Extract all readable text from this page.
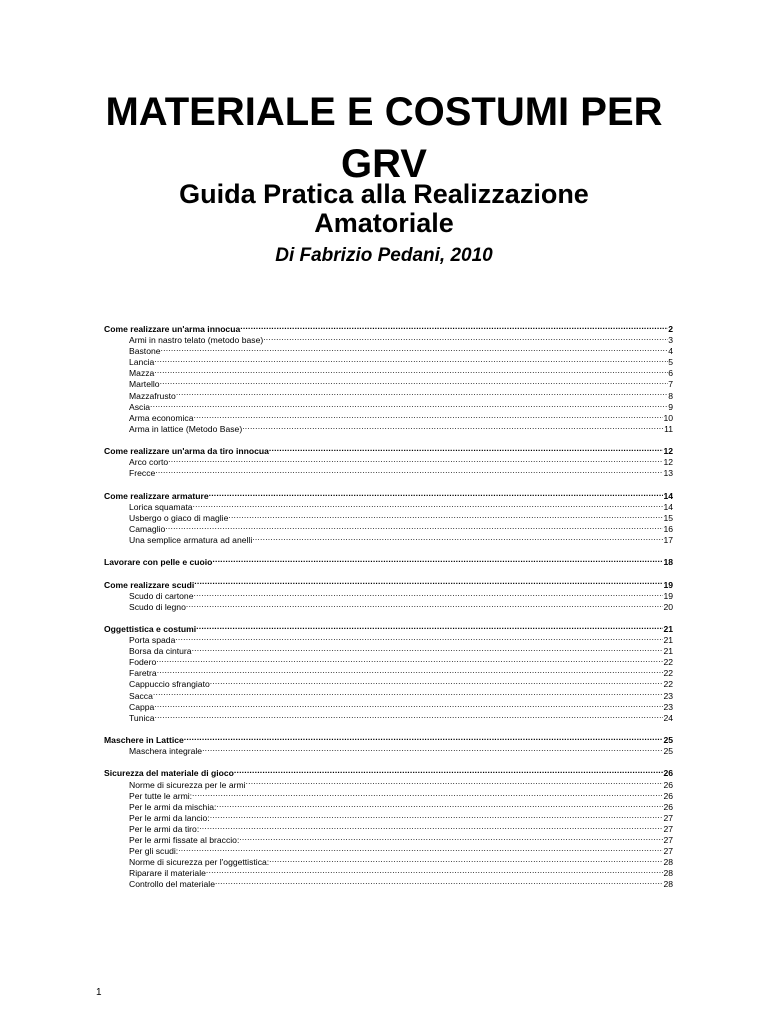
MATERIALE E COSTUMI PER
GRV
Guida Pratica alla Realizzazione
Amatoriale
Di Fabrizio Pedani, 2010
Come realizzare un'arma innocua .....	2
Armi in nastro telato (metodo base) .....	3
Bastone .....	4
Lancia .....	5
Mazza .....	6
Martello .....	7
Mazzafrusto .....	8
Ascia .....	9
Arma economica .....	10
Arma in lattice (Metodo Base) .....	11
Come realizzare un'arma da tiro innocua .....	12
Arco corto .....	12
Frecce .....	13
Come realizzare armature .....	14
Lorica squamata .....	14
Usbergo o giaco di maglie .....	15
Camaglio .....	16
Una semplice armatura ad anelli .....	17
Lavorare con pelle e cuoio .....	18
Come realizzare scudi .....	19
Scudo di cartone .....	19
Scudo di legno .....	20
Oggettistica e costumi .....	21
Porta spada .....	21
Borsa da cintura .....	21
Fodero .....	22
Faretra .....	22
Cappuccio sfrangiato .....	22
Sacca .....	23
Cappa .....	23
Tunica .....	24
Maschere in Lattice .....	25
Maschera integrale .....	25
Sicurezza del materiale di gioco .....	26
Norme di sicurezza per le armi .....	26
Per tutte le armi: .....	26
Per le armi da mischia: .....	26
Per le armi da lancio: .....	27
Per le armi da tiro: .....	27
Per le armi fissate al braccio: .....	27
Per gli scudi: .....	27
Norme di sicurezza per l'oggettistica: .....	28
Riparare il materiale .....	28
Controllo del materiale .....	28
1
